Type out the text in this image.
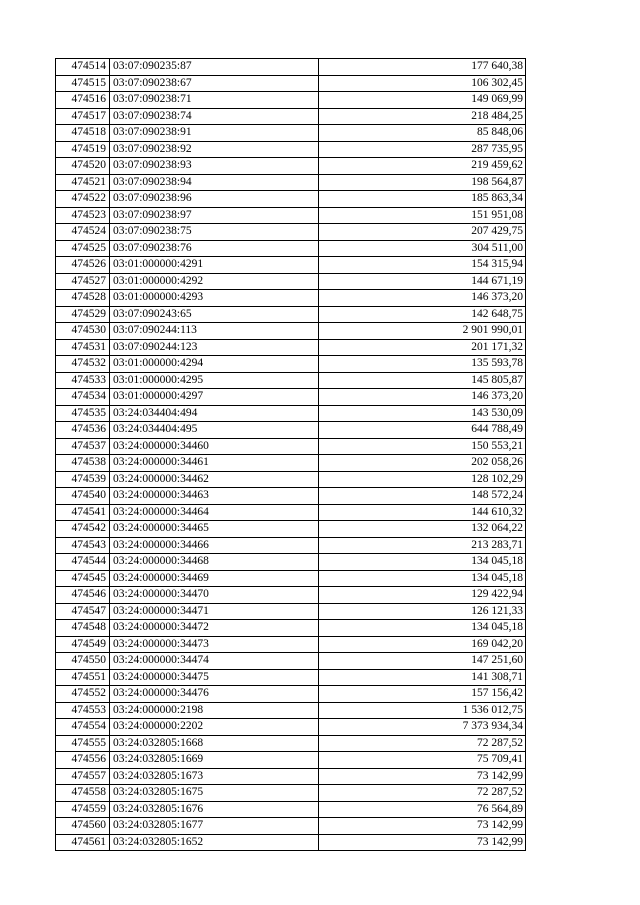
474514	03:07:090235:87	177 640,38
474515	03:07:090238:67	106 302,45
474516	03:07:090238:71	149 069,99
474517	03:07:090238:74	218 484,25
474518	03:07:090238:91	85 848,06
474519	03:07:090238:92	287 735,95
474520	03:07:090238:93	219 459,62
474521	03:07:090238:94	198 564,87
474522	03:07:090238:96	185 863,34
474523	03:07:090238:97	151 951,08
474524	03:07:090238:75	207 429,75
474525	03:07:090238:76	304 511,00
474526	03:01:000000:4291	154 315,94
474527	03:01:000000:4292	144 671,19
474528	03:01:000000:4293	146 373,20
474529	03:07:090243:65	142 648,75
474530	03:07:090244:113	2 901 990,01
474531	03:07:090244:123	201 171,32
474532	03:01:000000:4294	135 593,78
474533	03:01:000000:4295	145 805,87
474534	03:01:000000:4297	146 373,20
474535	03:24:034404:494	143 530,09
474536	03:24:034404:495	644 788,49
474537	03:24:000000:34460	150 553,21
474538	03:24:000000:34461	202 058,26
474539	03:24:000000:34462	128 102,29
474540	03:24:000000:34463	148 572,24
474541	03:24:000000:34464	144 610,32
474542	03:24:000000:34465	132 064,22
474543	03:24:000000:34466	213 283,71
474544	03:24:000000:34468	134 045,18
474545	03:24:000000:34469	134 045,18
474546	03:24:000000:34470	129 422,94
474547	03:24:000000:34471	126 121,33
474548	03:24:000000:34472	134 045,18
474549	03:24:000000:34473	169 042,20
474550	03:24:000000:34474	147 251,60
474551	03:24:000000:34475	141 308,71
474552	03:24:000000:34476	157 156,42
474553	03:24:000000:2198	1 536 012,75
474554	03:24:000000:2202	7 373 934,34
474555	03:24:032805:1668	72 287,52
474556	03:24:032805:1669	75 709,41
474557	03:24:032805:1673	73 142,99
474558	03:24:032805:1675	72 287,52
474559	03:24:032805:1676	76 564,89
474560	03:24:032805:1677	73 142,99
474561	03:24:032805:1652	73 142,99
